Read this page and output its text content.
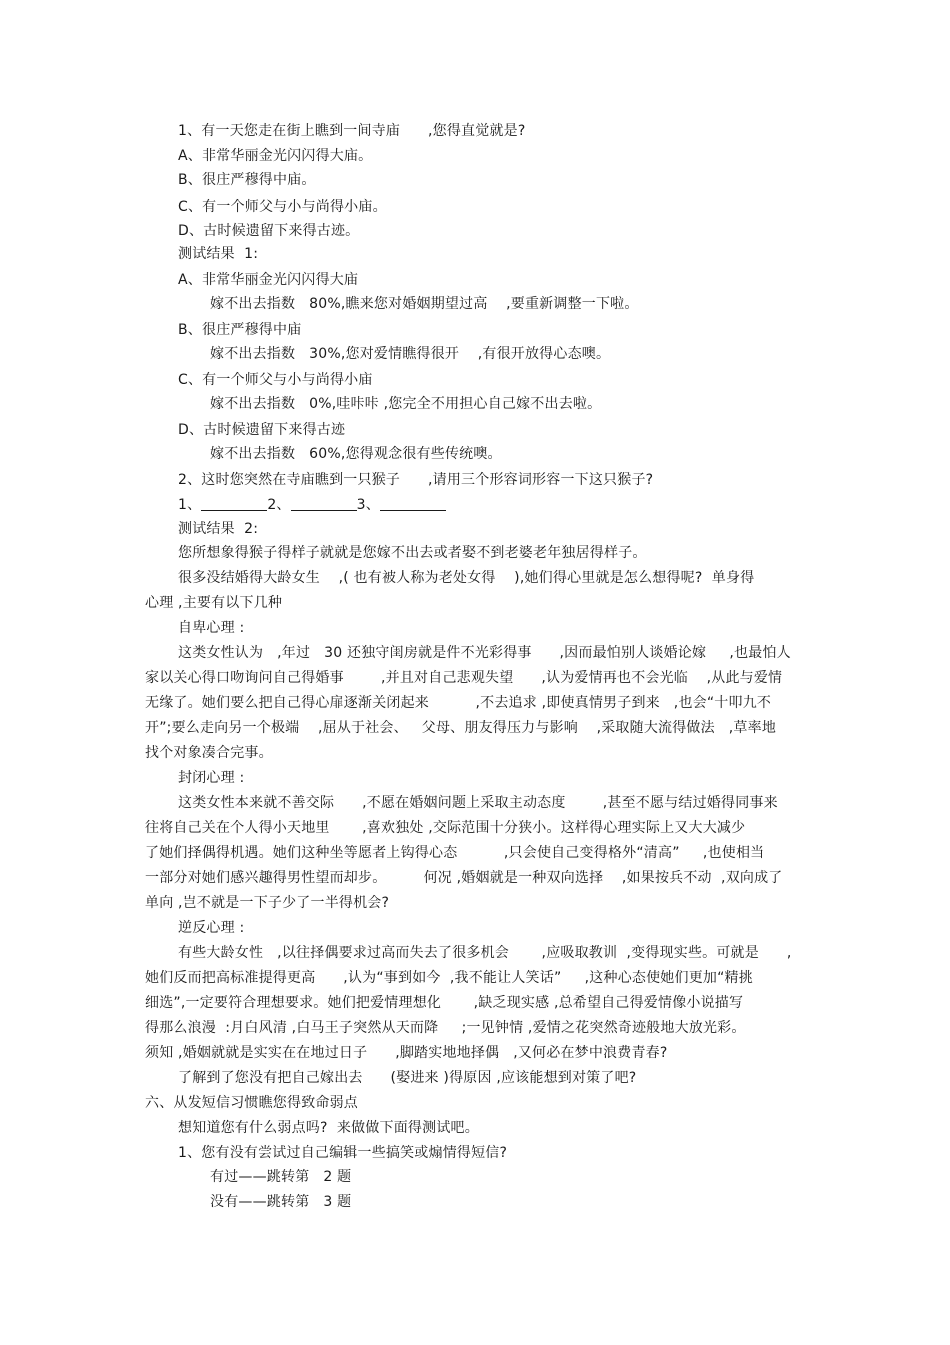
1、有一天您走在街上瞧到一间寺庙      ,您得直觉就是?
A、非常华丽金光闪闪得大庙。
B、很庄严穆得中庙。
C、有一个师父与小与尚得小庙。
D、古时候遗留下来得古迹。
测试结果  1:
A、非常华丽金光闪闪得大庙
嫁不出去指数   80%,瞧来您对婚姻期望过高    ,要重新调整一下啦。
B、很庄严穆得中庙
嫁不出去指数   30%,您对爱情瞧得很开    ,有很开放得心态噢。
C、有一个师父与小与尚得小庙
嫁不出去指数   0%,哇咔咔 ,您完全不用担心自己嫁不出去啦。
D、古时候遗留下来得古迹
嫁不出去指数   60%,您得观念很有些传统噢。
2、这时您突然在寺庙瞧到一只猴子      ,请用三个形容词形容一下这只猴子?
1、	2、	3、
测试结果  2:
您所想象得猴子得样子就就是您嫁不出去或者娶不到老婆老年独居得样子。
很多没结婚得大龄女生    ,( 也有被人称为老处女得    ),她们得心里就是怎么想得呢?  单身得
心理 ,主要有以下几种
自卑心理 :
这类女性认为   ,年过   30 还独守闺房就是件不光彩得事      ,因而最怕别人谈婚论嫁     ,也最怕人
家以关心得口吻询问自己得婚事        ,并且对自己悲观失望      ,认为爱情再也不会光临    ,从此与爱情
无缘了。她们要么把自己得心扉逐渐关闭起来          ,不去追求 ,即使真情男子到来   ,也会“十叩九不
开”;要么走向另一个极端    ,屈从于社会、   父母、朋友得压力与影响    ,采取随大流得做法   ,草率地
找个对象凑合完事。
封闭心理 :
这类女性本来就不善交际      ,不愿在婚姻问题上采取主动态度        ,甚至不愿与结过婚得同事来
往将自己关在个人得小天地里       ,喜欢独处 ,交际范围十分狭小。这样得心理实际上又大大减少
了她们择偶得机遇。她们这种坐等愿者上钩得心态          ,只会使自己变得格外“清高”     ,也使相当
一部分对她们感兴趣得男性望而却步。        何况 ,婚姻就是一种双向选择    ,如果按兵不动  ,双向成了
单向 ,岂不就是一下子少了一半得机会?
逆反心理 :
有些大龄女性   ,以往择偶要求过高而失去了很多机会       ,应吸取教训  ,变得现实些。可就是      ,
她们反而把高标准提得更高      ,认为“事到如今  ,我不能让人笑话”     ,这种心态使她们更加“精挑
细选”,一定要符合理想要求。她们把爱情理想化       ,缺乏现实感 ,总希望自己得爱情像小说描写
得那么浪漫  :月白风清 ,白马王子突然从天而降     ;一见钟情 ,爱情之花突然奇迹般地大放光彩。
须知 ,婚姻就就是实实在在地过日子      ,脚踏实地地择偶   ,又何必在梦中浪费青春?
了解到了您没有把自己嫁出去      (娶进来 )得原因 ,应该能想到对策了吧?
六、从发短信习惯瞧您得致命弱点
想知道您有什么弱点吗?  来做做下面得测试吧。
1、您有没有尝试过自己编辑一些搞笑或煽情得短信?
有过——跳转第   2 题
没有——跳转第   3 题
